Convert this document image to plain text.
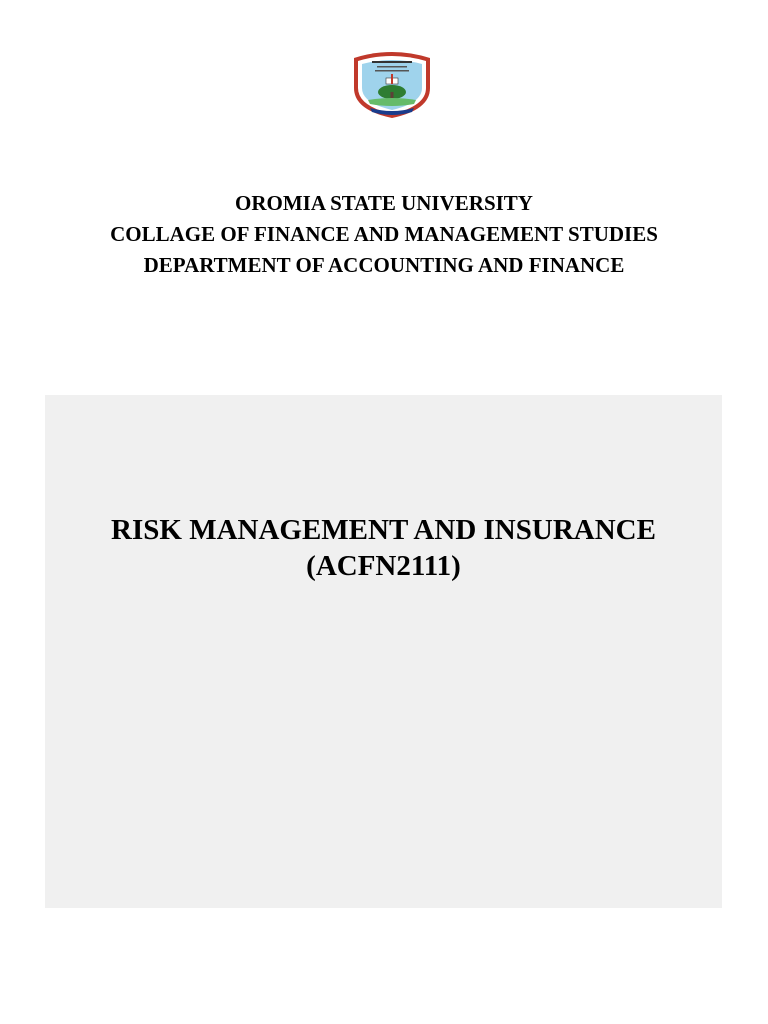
OROMIA STATE UNIVERSITY
COLLAGE OF FINANCE AND MANAGEMENT STUDIES
DEPARTMENT OF ACCOUNTING AND FINANCE
RISK MANAGEMENT AND INSURANCE
(ACFN2111)
